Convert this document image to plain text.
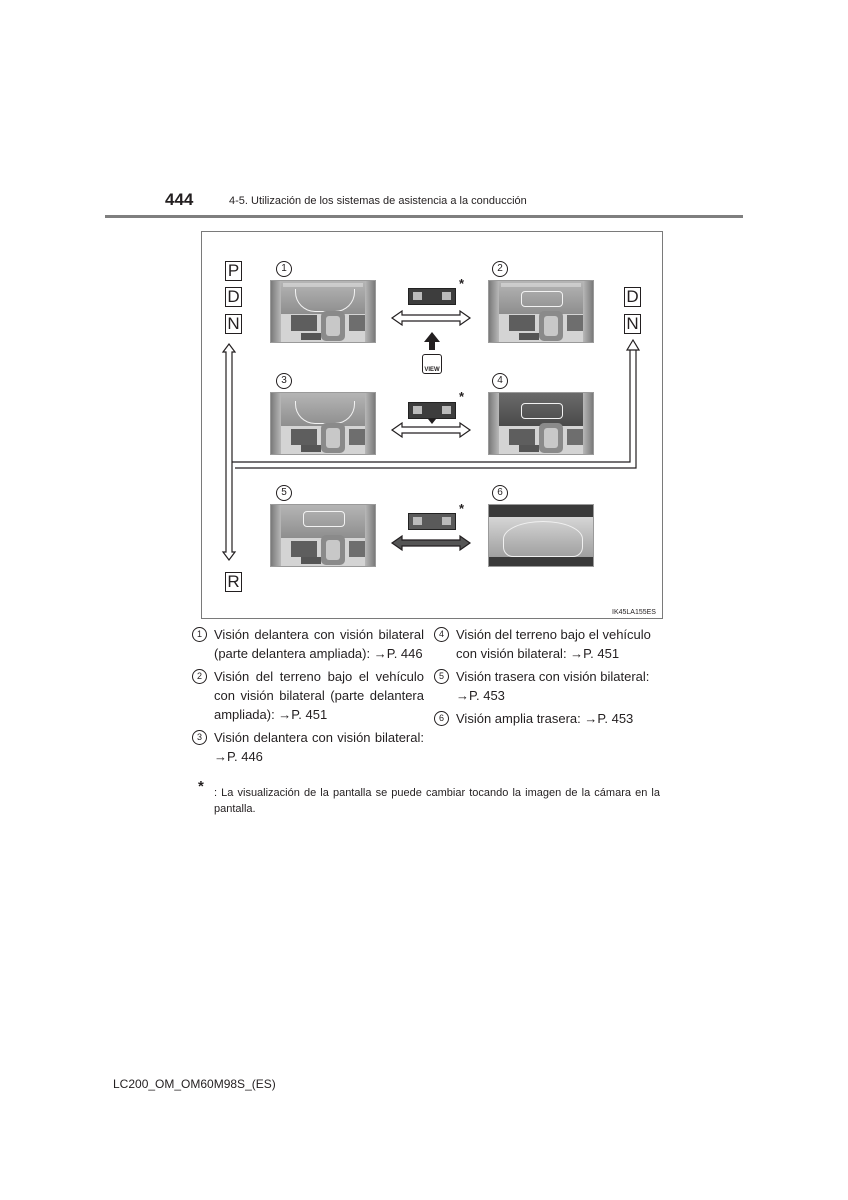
444	4-5. Utilización de los sistemas de asistencia a la conducción
P
D
N
D
N
R
1	2
3	4
5	6
*
*
*
VIEW
IK45LA155ES
1 Visión delantera con visión bilateral (parte delantera ampliada): →P. 446
2 Visión del terreno bajo el vehículo con visión bilateral (parte delantera ampliada): →P. 451
3 Visión delantera con visión bilateral: →P. 446
4 Visión del terreno bajo el vehículo con visión bilateral: →P. 451
5 Visión trasera con visión bilateral: →P. 453
6 Visión amplia trasera: →P. 453
* : La visualización de la pantalla se puede cambiar tocando la imagen de la cámara en la pantalla.
LC200_OM_OM60M98S_(ES)
